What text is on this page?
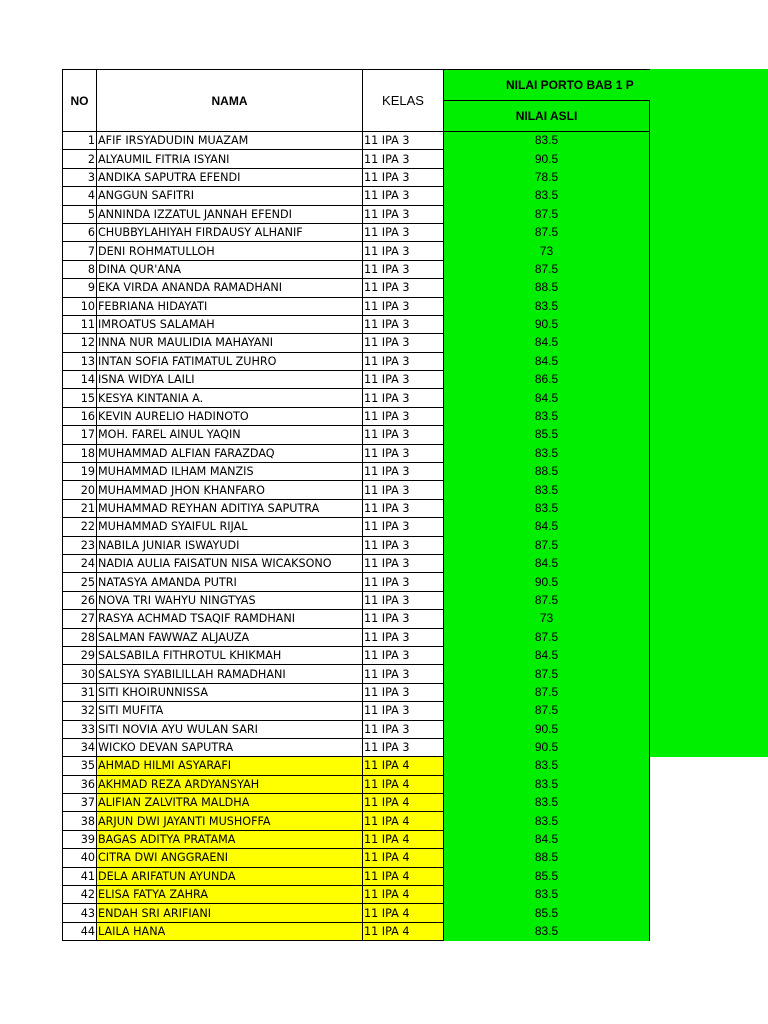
NO	NAMA	KELAS	NILAI PORTO BAB 1 P
			NILAI ASLI
1	AFIF IRSYADUDIN MUAZAM	11 IPA 3	83.5
2	ALYAUMIL FITRIA ISYANI	11 IPA 3	90.5
3	ANDIKA SAPUTRA EFENDI	11 IPA 3	78.5
4	ANGGUN SAFITRI	11 IPA 3	83.5
5	ANNINDA IZZATUL JANNAH EFENDI	11 IPA 3	87.5
6	CHUBBYLAHIYAH FIRDAUSY ALHANIF	11 IPA 3	87.5
7	DENI ROHMATULLOH	11 IPA 3	73
8	DINA QUR'ANA	11 IPA 3	87.5
9	EKA VIRDA ANANDA RAMADHANI	11 IPA 3	88.5
10	FEBRIANA HIDAYATI	11 IPA 3	83.5
11	IMROATUS SALAMAH	11 IPA 3	90.5
12	INNA NUR MAULIDIA MAHAYANI	11 IPA 3	84.5
13	INTAN SOFIA FATIMATUL ZUHRO	11 IPA 3	84.5
14	ISNA WIDYA LAILI	11 IPA 3	86.5
15	KESYA KINTANIA A.	11 IPA 3	84.5
16	KEVIN AURELIO HADINOTO	11 IPA 3	83.5
17	MOH. FAREL AINUL YAQIN	11 IPA 3	85.5
18	MUHAMMAD ALFIAN FARAZDAQ	11 IPA 3	83.5
19	MUHAMMAD ILHAM MANZIS	11 IPA 3	88.5
20	MUHAMMAD JHON KHANFARO	11 IPA 3	83.5
21	MUHAMMAD REYHAN ADITIYA SAPUTRA	11 IPA 3	83.5
22	MUHAMMAD SYAIFUL RIJAL	11 IPA 3	84.5
23	NABILA JUNIAR ISWAYUDI	11 IPA 3	87.5
24	NADIA AULIA FAISATUN NISA WICAKSONO	11 IPA 3	84.5
25	NATASYA AMANDA PUTRI	11 IPA 3	90.5
26	NOVA TRI WAHYU NINGTYAS	11 IPA 3	87.5
27	RASYA ACHMAD TSAQIF RAMDHANI	11 IPA 3	73
28	SALMAN FAWWAZ ALJAUZA	11 IPA 3	87.5
29	SALSABILA FITHROTUL KHIKMAH	11 IPA 3	84.5
30	SALSYA SYABILILLAH RAMADHANI	11 IPA 3	87.5
31	SITI KHOIRUNNISSA	11 IPA 3	87.5
32	SITI MUFITA	11 IPA 3	87.5
33	SITI NOVIA AYU WULAN SARI	11 IPA 3	90.5
34	WICKO DEVAN SAPUTRA	11 IPA 3	90.5
35	AHMAD HILMI ASYARAFI	11 IPA 4	83.5
36	AKHMAD REZA ARDYANSYAH	11 IPA 4	83.5
37	ALIFIAN ZALVITRA MALDHA	11 IPA 4	83.5
38	ARJUN DWI JAYANTI MUSHOFFA	11 IPA 4	83.5
39	BAGAS ADITYA PRATAMA	11 IPA 4	84.5
40	CITRA DWI ANGGRAENI	11 IPA 4	88.5
41	DELA ARIFATUN AYUNDA	11 IPA 4	85.5
42	ELISA FATYA ZAHRA	11 IPA 4	83.5
43	ENDAH SRI ARIFIANI	11 IPA 4	85.5
44	LAILA HANA	11 IPA 4	83.5
